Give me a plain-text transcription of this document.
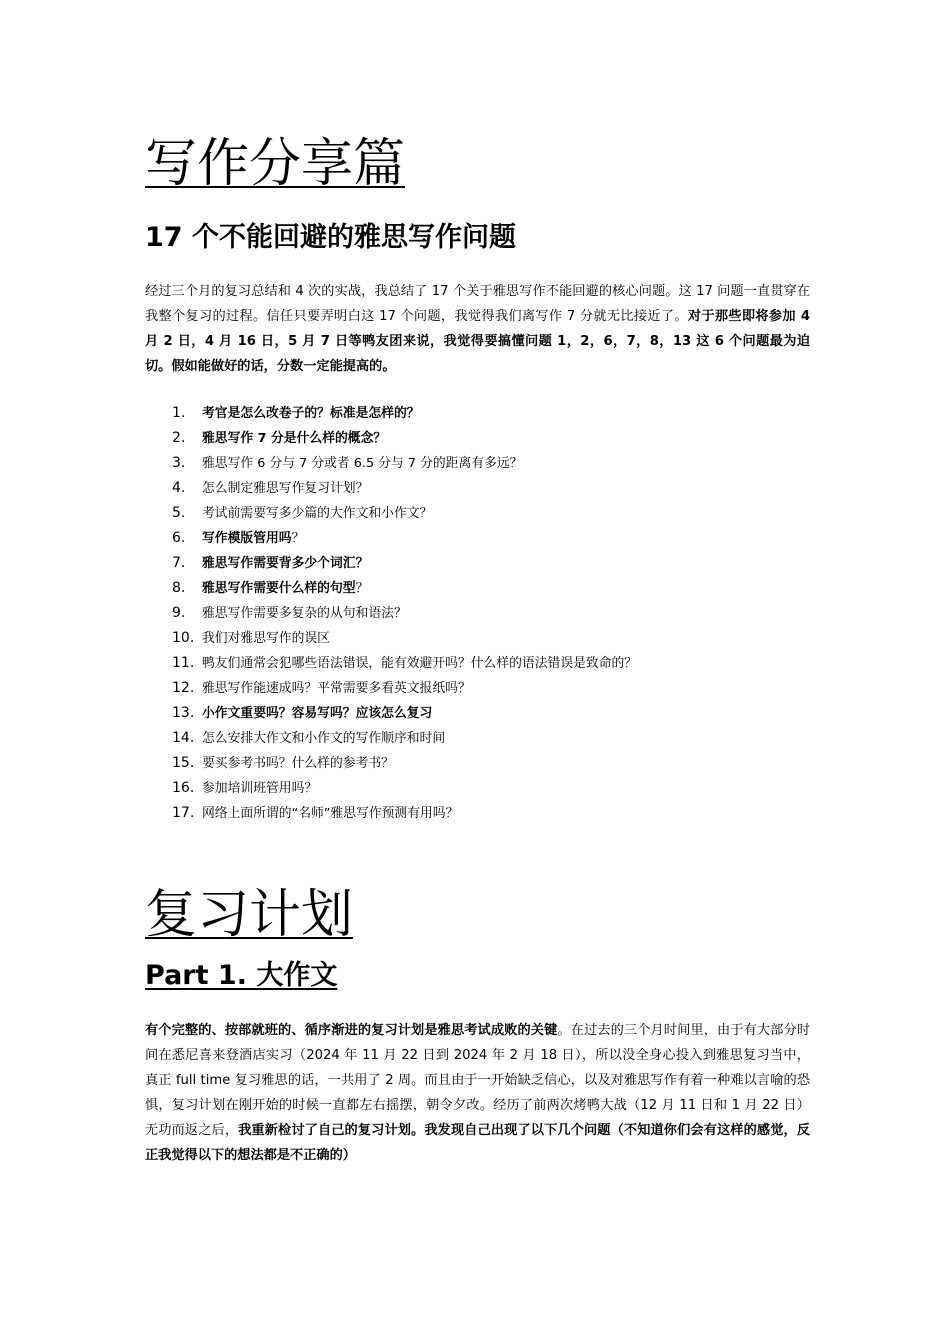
写作分享篇
17 个不能回避的雅思写作问题

经过三个月的复习总结和 4 次的实战，我总结了 17 个关于雅思写作不能回避的核心问题。这 17 问题一直贯穿在我整个复习的过程。信任只要弄明白这 17 个问题，我觉得我们离写作 7 分就无比接近了。对于那些即将参加 4 月 2 日，4 月 16 日，5 月 7 日等鸭友团来说，我觉得要搞懂问题 1，2，6，7，8，13 这 6 个问题最为迫切。假如能做好的话，分数一定能提高的。

1. 考官是怎么改卷子的？标准是怎样的？
2. 雅思写作 7 分是什么样的概念？
3. 雅思写作 6 分与 7 分或者 6.5 分与 7 分的距离有多远？
4. 怎么制定雅思写作复习计划？
5. 考试前需要写多少篇的大作文和小作文？
6. 写作模版管用吗？
7. 雅思写作需要背多少个词汇？
8. 雅思写作需要什么样的句型？
9. 雅思写作需要多复杂的从句和语法？
10. 我们对雅思写作的误区
11. 鸭友们通常会犯哪些语法错误，能有效避开吗？什么样的语法错误是致命的？
12. 雅思写作能速成吗？平常需要多看英文报纸吗？
13. 小作文重要吗？容易写吗？应该怎么复习
14. 怎么安排大作文和小作文的写作顺序和时间
15. 要买参考书吗？什么样的参考书？
16. 参加培训班管用吗？
17. 网络上面所谓的“名师”雅思写作预测有用吗？
复习计划
Part 1. 大作文

有个完整的、按部就班的、循序渐进的复习计划是雅思考试成败的关键。在过去的三个月时间里，由于有大部分时间在悉尼喜来登酒店实习（2024 年 11 月 22 日到 2024 年 2 月 18 日），所以没全身心投入到雅思复习当中，真正 full time 复习雅思的话，一共用了 2 周。而且由于一开始缺乏信心，以及对雅思写作有着一种难以言喻的恐惧，复习计划在刚开始的时候一直都左右摇摆，朝令夕改。经历了前两次烤鸭大战（12 月 11 日和 1 月 22 日）无功而返之后，我重新检讨了自己的复习计划。我发现自己出现了以下几个问题（不知道你们会有这样的感觉，反正我觉得以下的想法都是不正确的）
